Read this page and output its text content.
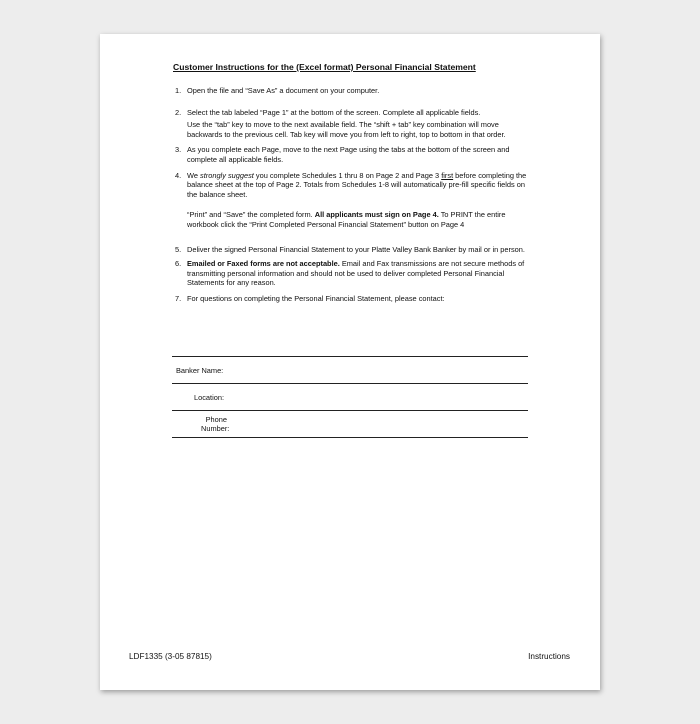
Customer Instructions for the (Excel format) Personal Financial Statement
1. Open the file and “Save As” a document on your computer.

2. Select the tab labeled “Page 1” at the bottom of the screen. Complete all applicable fields.

Use the “tab” key to move to the next available field. The “shift + tab” key combination will move backwards to the previous cell. Tab key will move you from left to right, top to bottom in that order.

3. As you complete each Page, move to the next Page using the tabs at the bottom of the screen and complete all applicable fields.

4. We strongly suggest you complete Schedules 1 thru 8 on Page 2 and Page 3 first before completing the balance sheet at the top of Page 2. Totals from Schedules 1-8 will automatically pre-fill specific fields on the balance sheet.

“Print” and “Save” the completed form. All applicants must sign on Page 4. To PRINT the entire workbook click the “Print Completed Personal Financial Statement” button on Page 4

5. Deliver the signed Personal Financial Statement to your Platte Valley Bank Banker by mail or in person.

6. Emailed or Faxed forms are not acceptable. Email and Fax transmissions are not secure methods of transmitting personal information and should not be used to deliver completed Personal Financial Statements for any reason.

7. For questions on completing the Personal Financial Statement, please contact:

Banker Name:
Location:
Phone
Number:
LDF1335 (3-05 87815)	Instructions
